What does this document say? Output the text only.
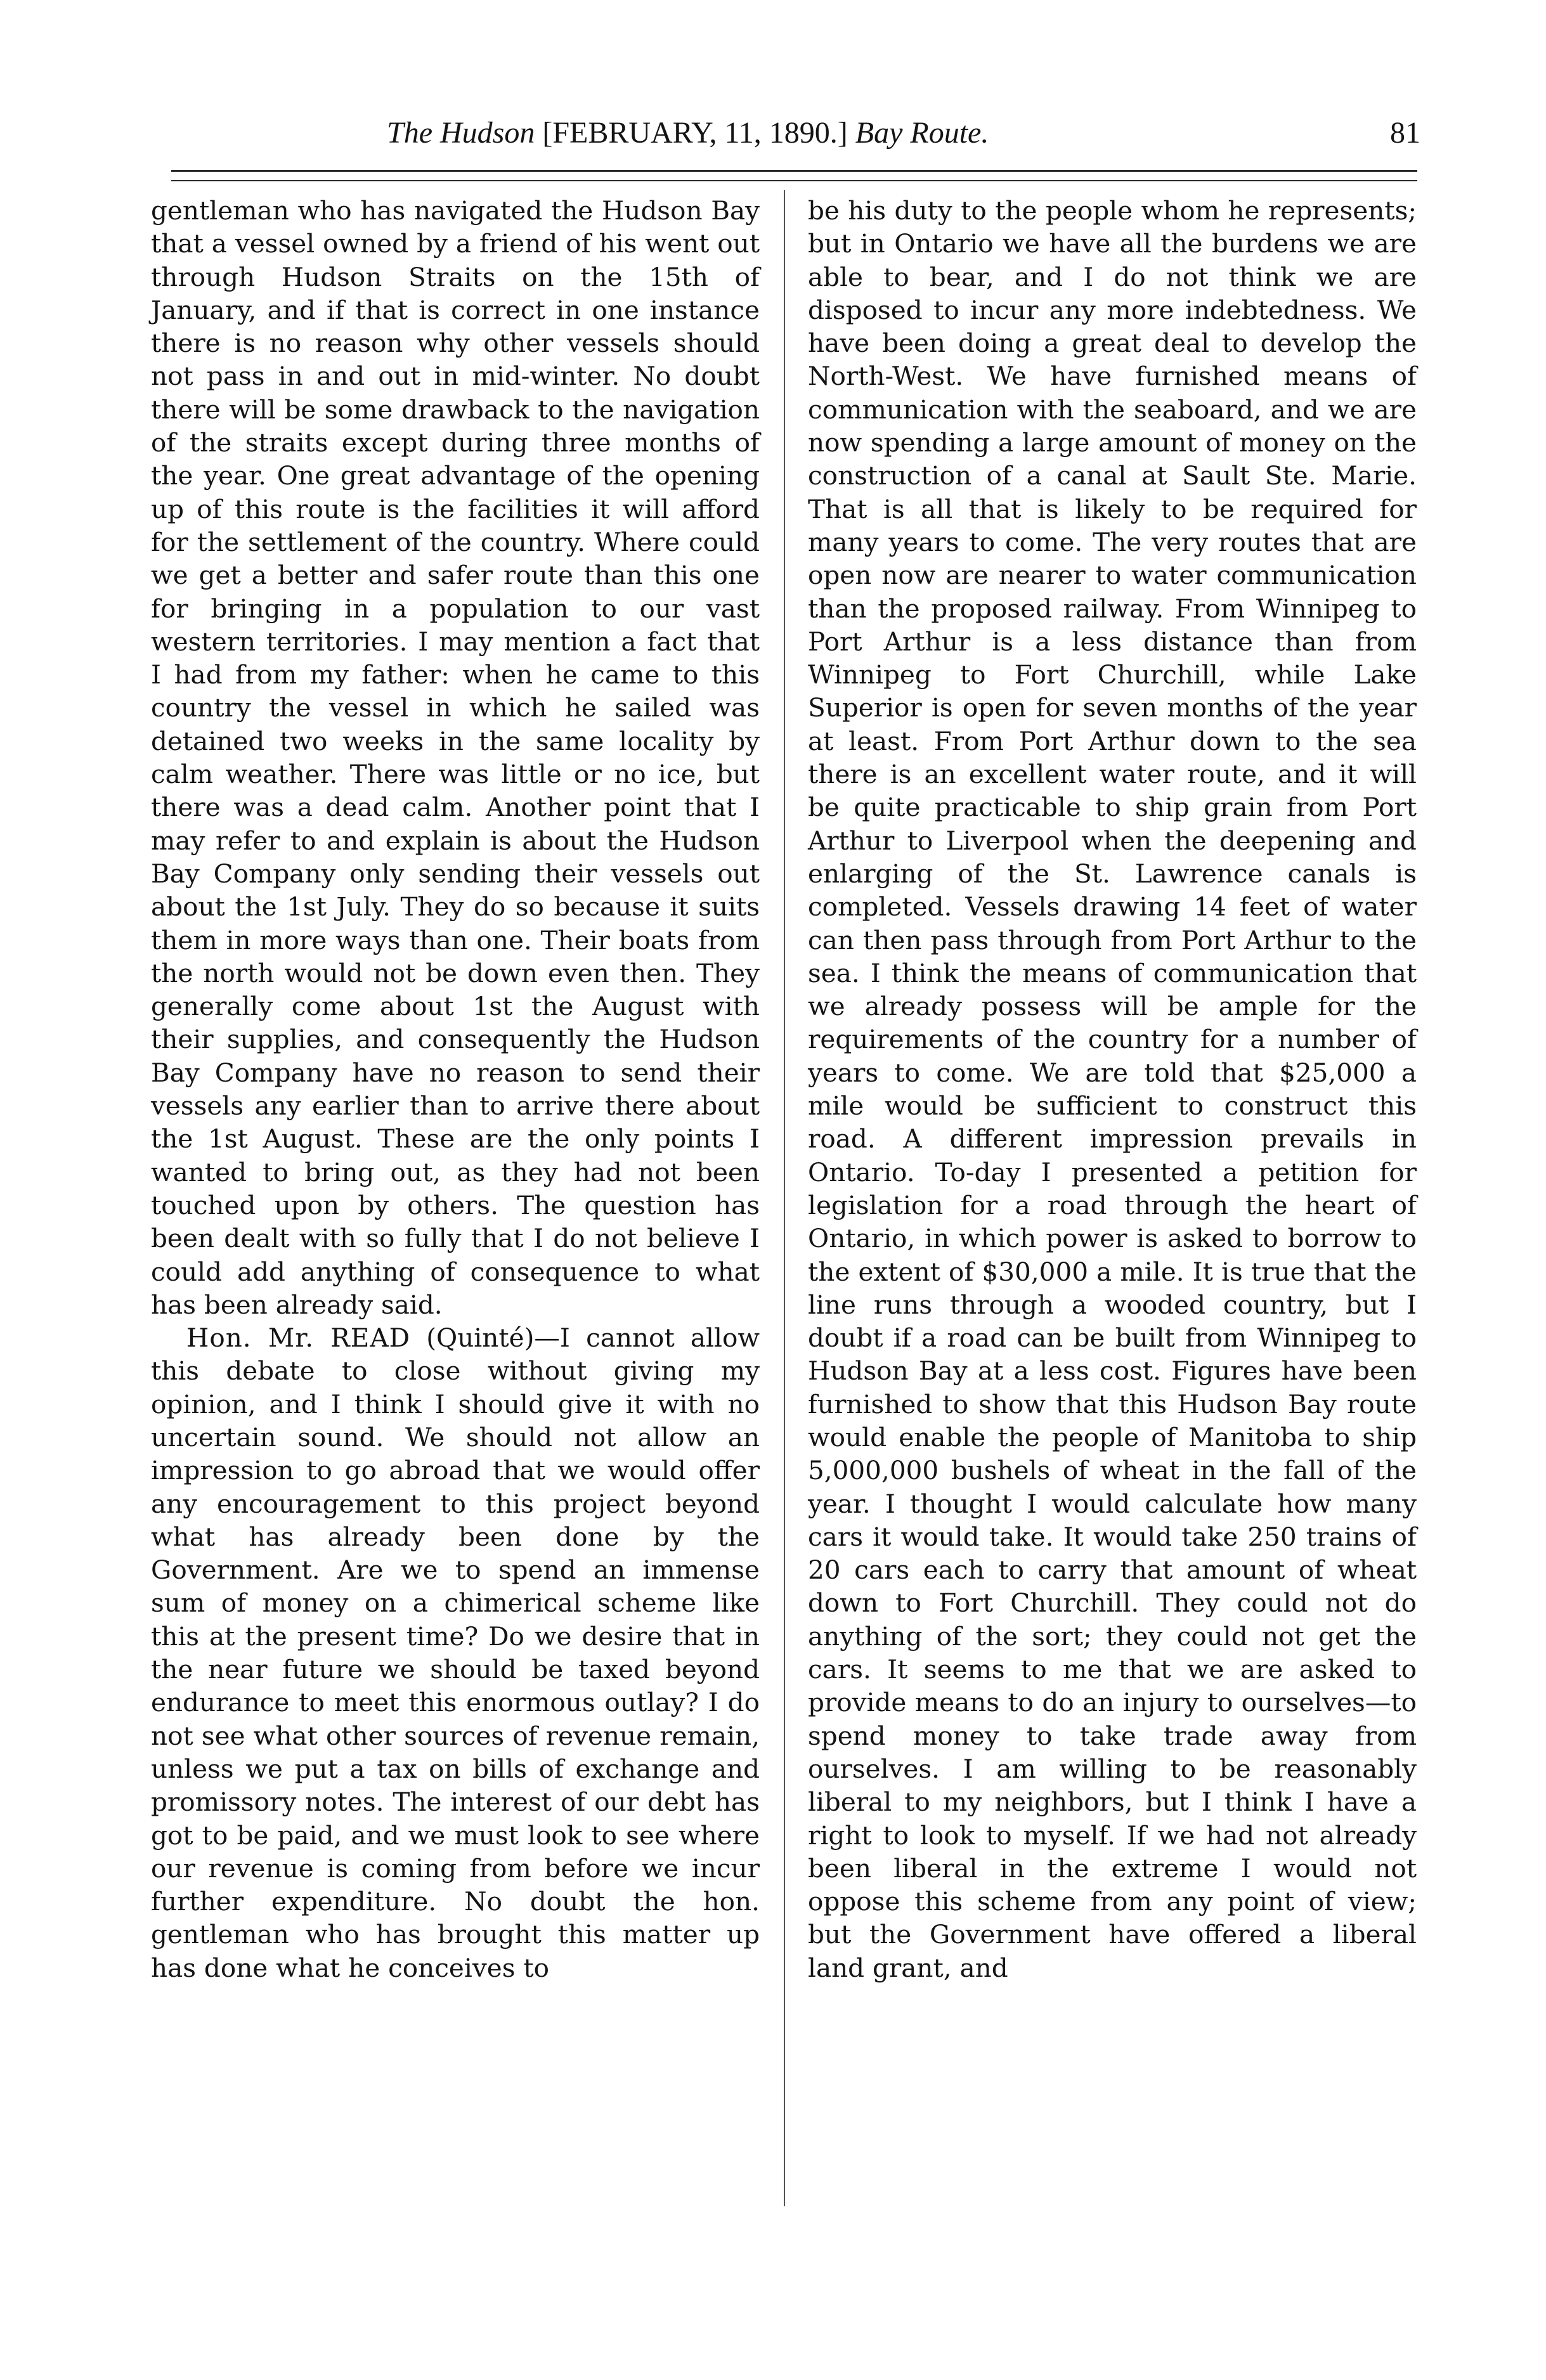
The Hudson [FEBRUARY, 11, 1890.] Bay Route.	81

gentleman who has navigated the Hudson Bay that a vessel owned by a friend of his went out through Hudson Straits on the 15th of January, and if that is correct in one instance there is no reason why other vessels should not pass in and out in mid-winter. No doubt there will be some drawback to the navigation of the straits except during three months of the year. One great advantage of the opening up of this route is the facilities it will afford for the settlement of the country. Where could we get a better and safer route than this one for bringing in a population to our vast western territories. I may mention a fact that I had from my father: when he came to this country the vessel in which he sailed was detained two weeks in the same locality by calm weather. There was little or no ice, but there was a dead calm. Another point that I may refer to and explain is about the Hudson Bay Company only sending their vessels out about the 1st July. They do so because it suits them in more ways than one. Their boats from the north would not be down even then. They generally come about 1st the August with their supplies, and consequently the Hudson Bay Company have no reason to send their vessels any earlier than to arrive there about the 1st August. These are the only points I wanted to bring out, as they had not been touched upon by others. The question has been dealt with so fully that I do not believe I could add anything of consequence to what has been already said.

Hon. Mr. READ (Quinté)—I cannot allow this debate to close without giving my opinion, and I think I should give it with no uncertain sound. We should not allow an impression to go abroad that we would offer any encouragement to this project beyond what has already been done by the Government. Are we to spend an immense sum of money on a chimerical scheme like this at the present time? Do we desire that in the near future we should be taxed beyond endurance to meet this enormous outlay? I do not see what other sources of revenue remain, unless we put a tax on bills of exchange and promissory notes. The interest of our debt has got to be paid, and we must look to see where our revenue is coming from before we incur further expenditure. No doubt the hon. gentleman who has brought this matter up has done what he conceives to

be his duty to the people whom he represents; but in Ontario we have all the burdens we are able to bear, and I do not think we are disposed to incur any more indebtedness. We have been doing a great deal to develop the North-West. We have furnished means of communication with the seaboard, and we are now spending a large amount of money on the construction of a canal at Sault Ste. Marie. That is all that is likely to be required for many years to come. The very routes that are open now are nearer to water communication than the proposed railway. From Winnipeg to Port Arthur is a less distance than from Winnipeg to Fort Churchill, while Lake Superior is open for seven months of the year at least. From Port Arthur down to the sea there is an excellent water route, and it will be quite practicable to ship grain from Port Arthur to Liverpool when the deepening and enlarging of the St. Lawrence canals is completed. Vessels drawing 14 feet of water can then pass through from Port Arthur to the sea. I think the means of communication that we already possess will be ample for the requirements of the country for a number of years to come. We are told that $25,000 a mile would be sufficient to construct this road. A different impression prevails in Ontario. To-day I presented a petition for legislation for a road through the heart of Ontario, in which power is asked to borrow to the extent of $30,000 a mile. It is true that the line runs through a wooded country, but I doubt if a road can be built from Winnipeg to Hudson Bay at a less cost. Figures have been furnished to show that this Hudson Bay route would enable the people of Manitoba to ship 5,000,000 bushels of wheat in the fall of the year. I thought I would calculate how many cars it would take. It would take 250 trains of 20 cars each to carry that amount of wheat down to Fort Churchill. They could not do anything of the sort; they could not get the cars. It seems to me that we are asked to provide means to do an injury to ourselves—to spend money to take trade away from ourselves. I am willing to be reasonably liberal to my neighbors, but I think I have a right to look to myself. If we had not already been liberal in the extreme I would not oppose this scheme from any point of view; but the Government have offered a liberal land grant, and
